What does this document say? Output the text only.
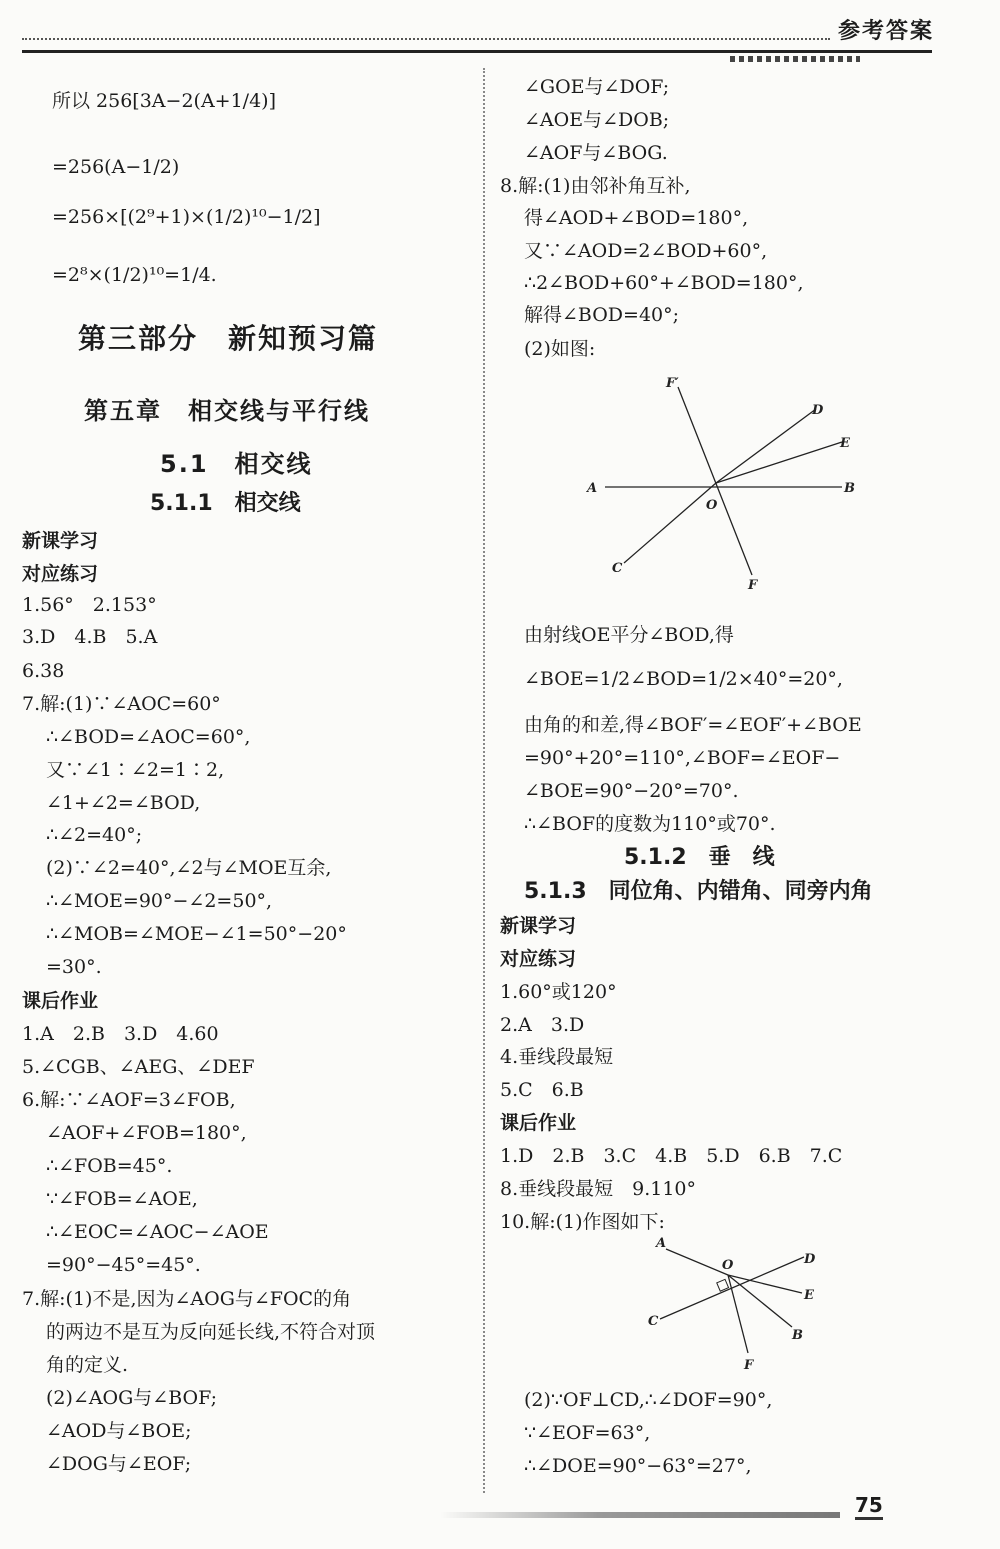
参考答案
所以 256[3A−2(A+1/4)]
=256(A−1/2)
=256×[(2⁹+1)×(1/2)¹⁰−1/2]
=2⁸×(1/2)¹⁰=1/4.
第三部分　新知预习篇
第五章　相交线与平行线
5.1　相交线
5.1.1　相交线
新课学习
对应练习
1.56°　2.153°
3.D　4.B　5.A
6.38
7.解:(1)∵∠AOC=60°
∴∠BOD=∠AOC=60°,
又∵∠1∶∠2=1∶2,
∠1+∠2=∠BOD,
∴∠2=40°;
(2)∵∠2=40°,∠2与∠MOE互余,
∴∠MOE=90°−∠2=50°,
∴∠MOB=∠MOE−∠1=50°−20°
=30°.
课后作业
1.A　2.B　3.D　4.60
5.∠CGB、∠AEG、∠DEF
6.解:∵∠AOF=3∠FOB,
∠AOF+∠FOB=180°,
∴∠FOB=45°.
∵∠FOB=∠AOE,
∴∠EOC=∠AOC−∠AOE
=90°−45°=45°.
7.解:(1)不是,因为∠AOG与∠FOC的角
的两边不是互为反向延长线,不符合对顶
角的定义.
(2)∠AOG与∠BOF;
∠AOD与∠BOE;
∠DOG与∠EOF;
∠GOE与∠DOF;
∠AOE与∠DOB;
∠AOF与∠BOG.
8.解:(1)由邻补角互补,
得∠AOD+∠BOD=180°,
又∵∠AOD=2∠BOD+60°,
∴2∠BOD+60°+∠BOD=180°,
解得∠BOD=40°;
(2)如图:
由射线OE平分∠BOD,得
∠BOE=1/2∠BOD=1/2×40°=20°,
由角的和差,得∠BOF′=∠EOF′+∠BOE
=90°+20°=110°,∠BOF=∠EOF−
∠BOE=90°−20°=70°.
∴∠BOF的度数为110°或70°.
5.1.2　垂　线
5.1.3　同位角、内错角、同旁内角
新课学习
对应练习
1.60°或120°
2.A　3.D
4.垂线段最短
5.C　6.B
课后作业
1.D　2.B　3.C　4.B　5.D　6.B　7.C
8.垂线段最短　9.110°
10.解:(1)作图如下:
(2)∵OF⊥CD,∴∠DOF=90°,
∵∠EOF=63°,
∴∠DOE=90°−63°=27°,
F′
D
E
A	B
O
C
F
A
D
O
E
C
B
F
75
